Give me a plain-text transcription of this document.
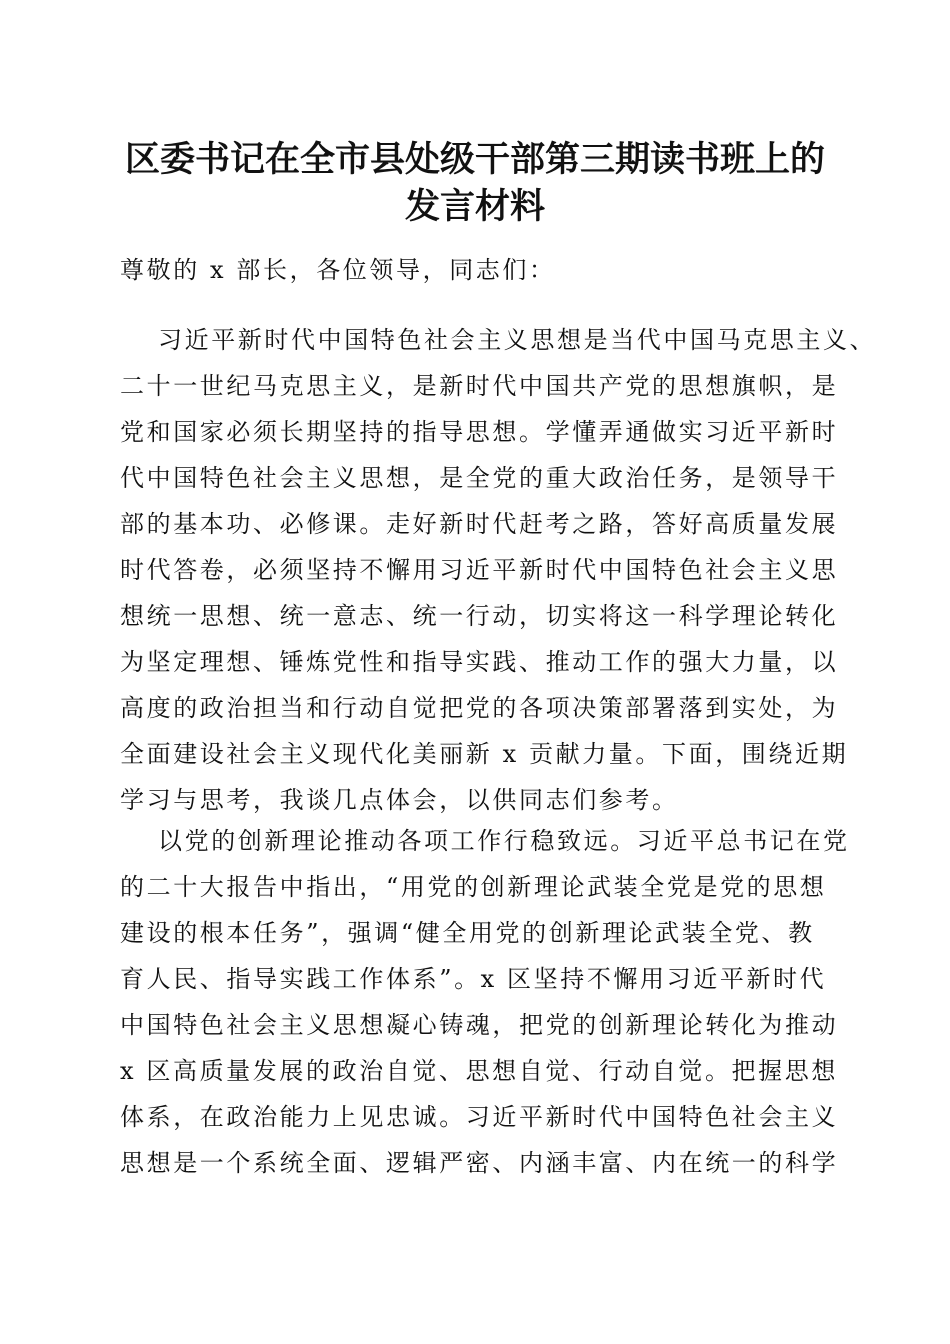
区委书记在全市县处级干部第三期读书班上的
发言材料

尊敬的 x 部长，各位领导，同志们：

习近平新时代中国特色社会主义思想是当代中国马克思主义、

二十一世纪马克思主义，是新时代中国共产党的思想旗帜，是

党和国家必须长期坚持的指导思想。学懂弄通做实习近平新时

代中国特色社会主义思想，是全党的重大政治任务，是领导干

部的基本功、必修课。走好新时代赶考之路，答好高质量发展

时代答卷，必须坚持不懈用习近平新时代中国特色社会主义思

想统一思想、统一意志、统一行动，切实将这一科学理论转化

为坚定理想、锤炼党性和指导实践、推动工作的强大力量，以

高度的政治担当和行动自觉把党的各项决策部署落到实处，为

全面建设社会主义现代化美丽新 x 贡献力量。下面，围绕近期

学习与思考，我谈几点体会，以供同志们参考。

以党的创新理论推动各项工作行稳致远。习近平总书记在党

的二十大报告中指出，“用党的创新理论武装全党是党的思想

建设的根本任务”，强调“健全用党的创新理论武装全党、教

育人民、指导实践工作体系”。x 区坚持不懈用习近平新时代

中国特色社会主义思想凝心铸魂，把党的创新理论转化为推动

x 区高质量发展的政治自觉、思想自觉、行动自觉。把握思想

体系，在政治能力上见忠诚。习近平新时代中国特色社会主义

思想是一个系统全面、逻辑严密、内涵丰富、内在统一的科学
